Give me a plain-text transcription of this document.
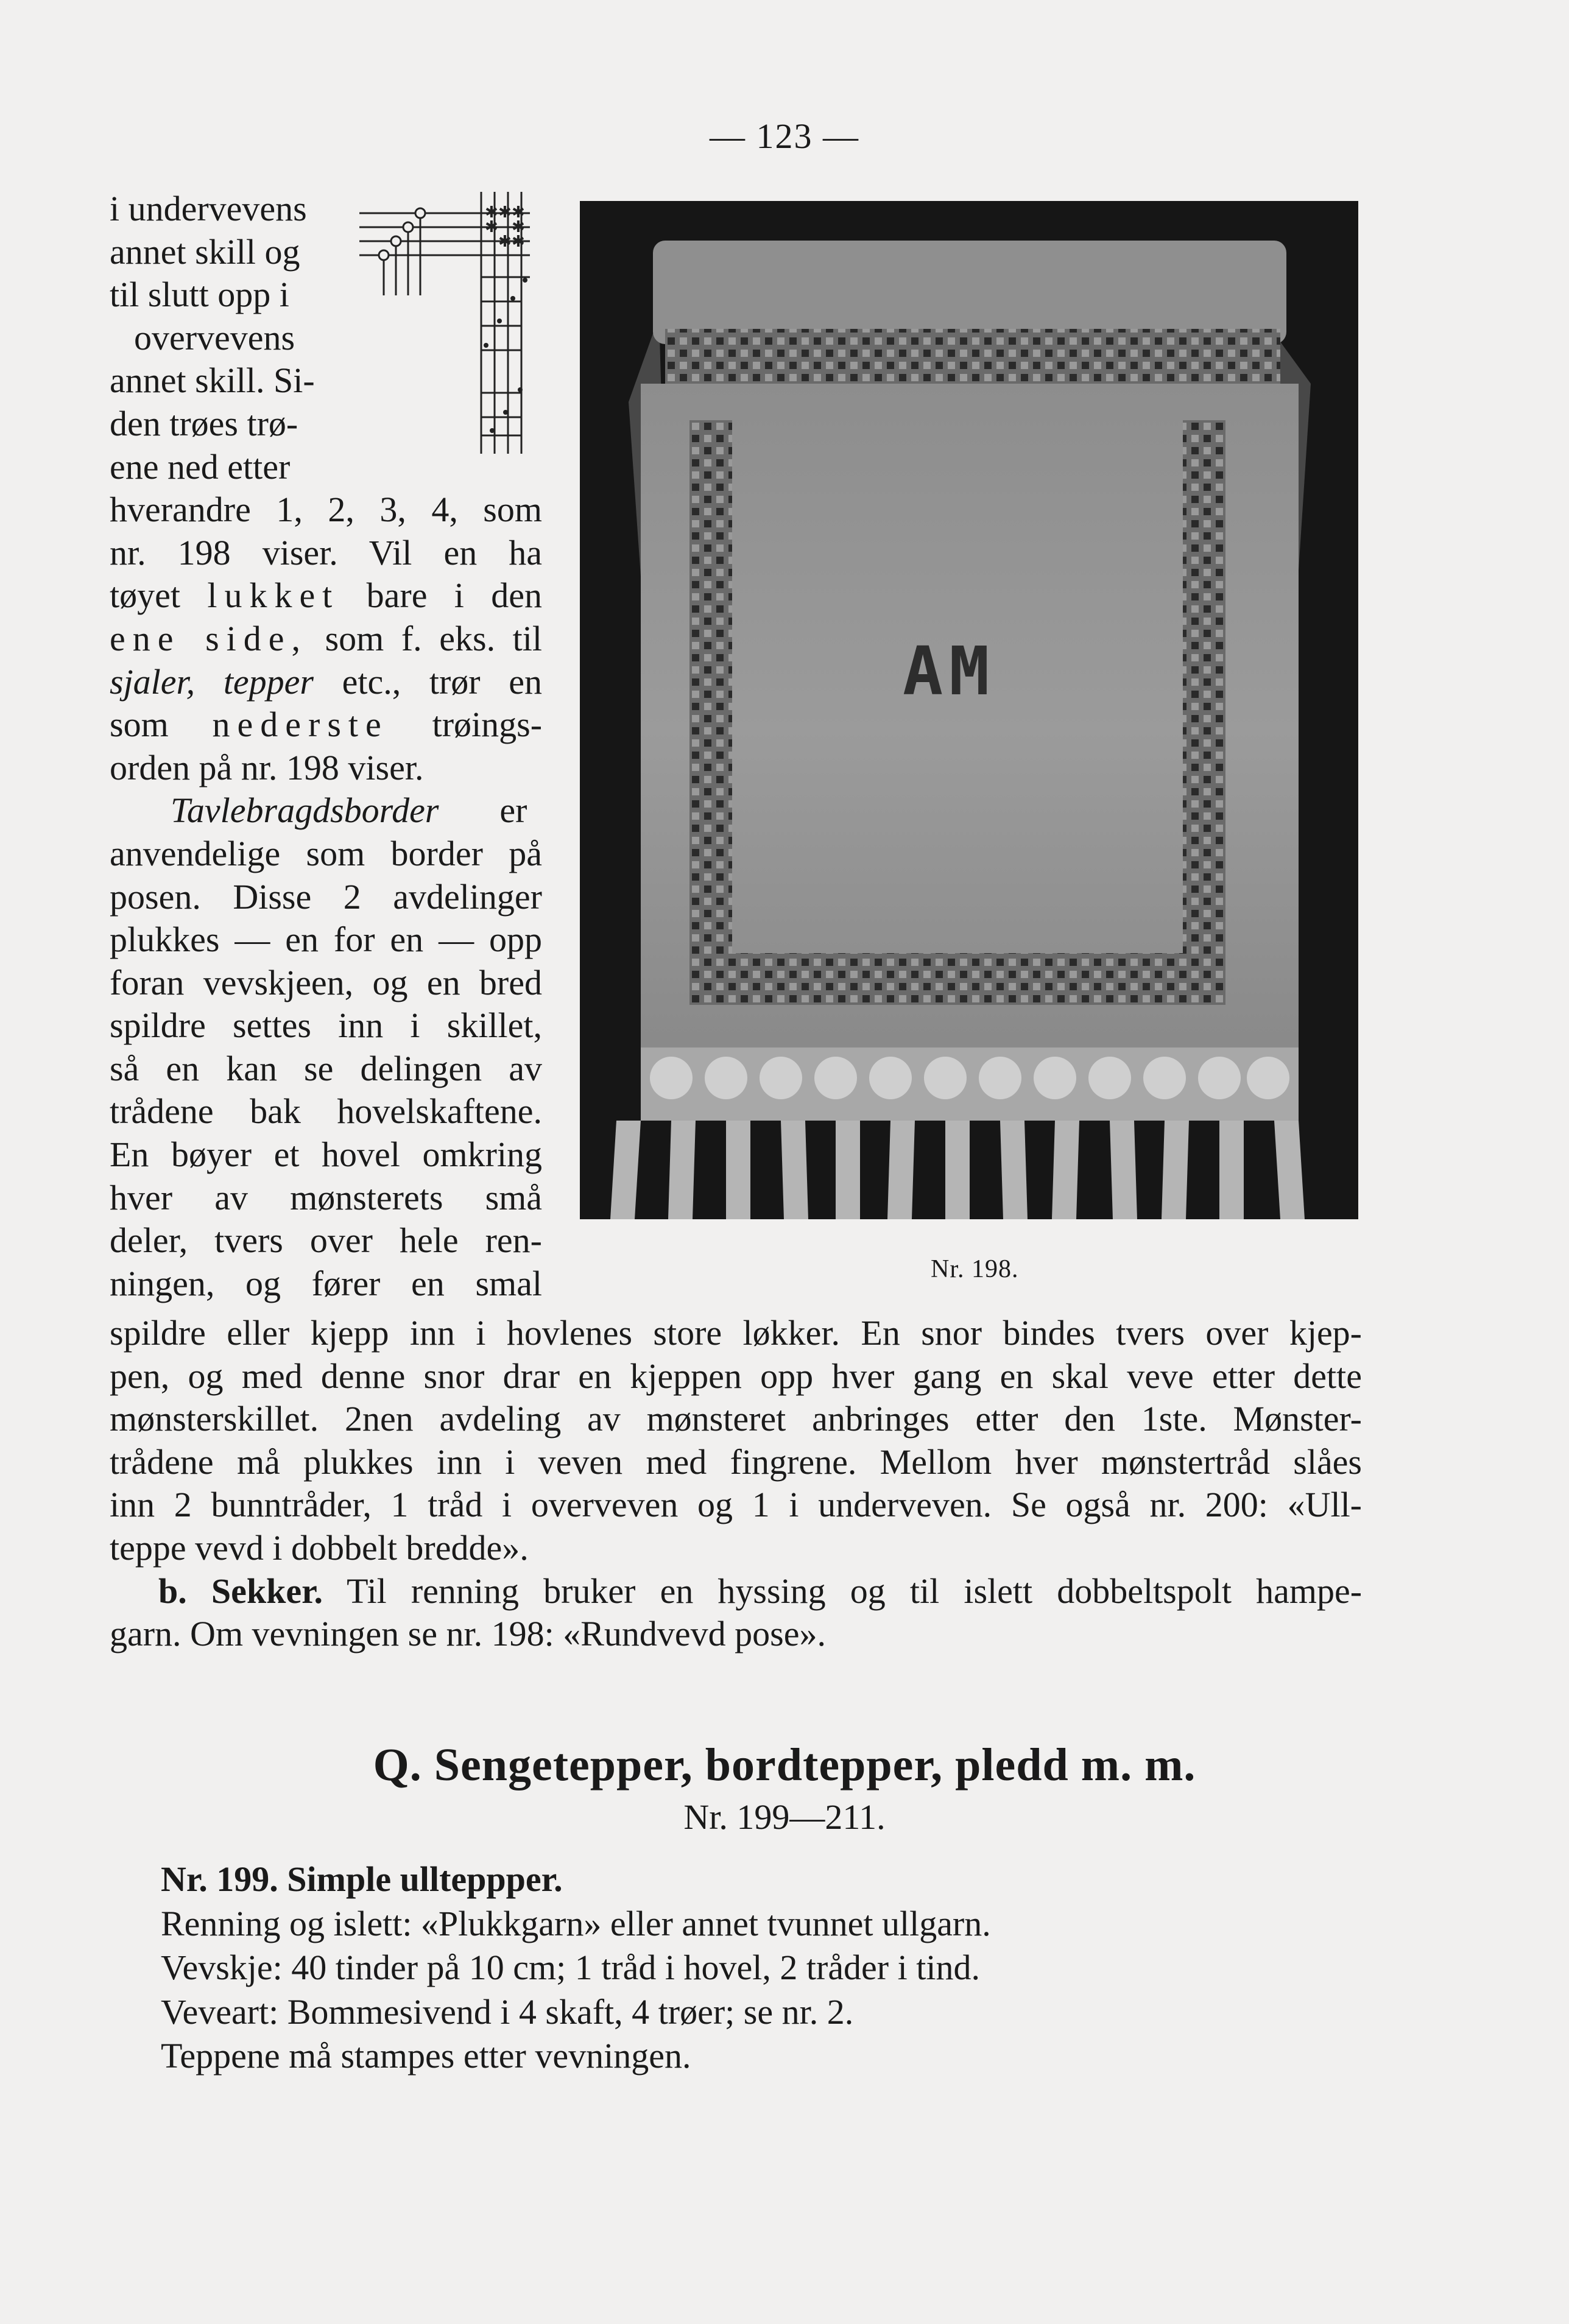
— 123 —
✱ ✱ ✱
✱ ✱
✱ ✱
i undervevens
annet skill og
til slutt opp i
overvevens
annet skill. Si-
den trøes trø-
ene ned etter
hverandre 1, 2, 3, 4, som
nr. 198 viser. Vil en ha
tøyet lukket bare i den
ene side, som f. eks. til
sjaler, tepper etc., trør en
som nederste trøings-
orden på nr. 198 viser.
Tavlebragdsborder er
anvendelige som border på
posen. Disse 2 avdelinger
plukkes — en for en — opp
foran vevskjeen, og en bred
spildre settes inn i skillet,
så en kan se delingen av
trådene bak hovelskaftene.
En bøyer et hovel omkring
hver av mønsterets små
deler, tvers over hele ren-
ningen, og fører en smal
AM
Nr. 198.
spildre eller kjepp inn i hovlenes store løkker. En snor bindes tvers over kjep-
pen, og med denne snor drar en kjeppen opp hver gang en skal veve etter dette
mønsterskillet. 2nen avdeling av mønsteret anbringes etter den 1ste. Mønster-
trådene må plukkes inn i veven med fingrene. Mellom hver mønstertråd slåes
inn 2 bunntråder, 1 tråd i overveven og 1 i underveven. Se også nr. 200: «Ull-
teppe vevd i dobbelt bredde».
b. Sekker. Til renning bruker en hyssing og til islett dobbeltspolt hampe-
garn. Om vevningen se nr. 198: «Rundvevd pose».
Q. Sengetepper, bordtepper, pledd m. m.
Nr. 199—211.
Nr. 199. Simple ullteppper.
Renning og islett: «Plukkgarn» eller annet tvunnet ullgarn.
Vevskje: 40 tinder på 10 cm; 1 tråd i hovel, 2 tråder i tind.
Veveart: Bommesivend i 4 skaft, 4 trøer; se nr. 2.
Teppene må stampes etter vevningen.
